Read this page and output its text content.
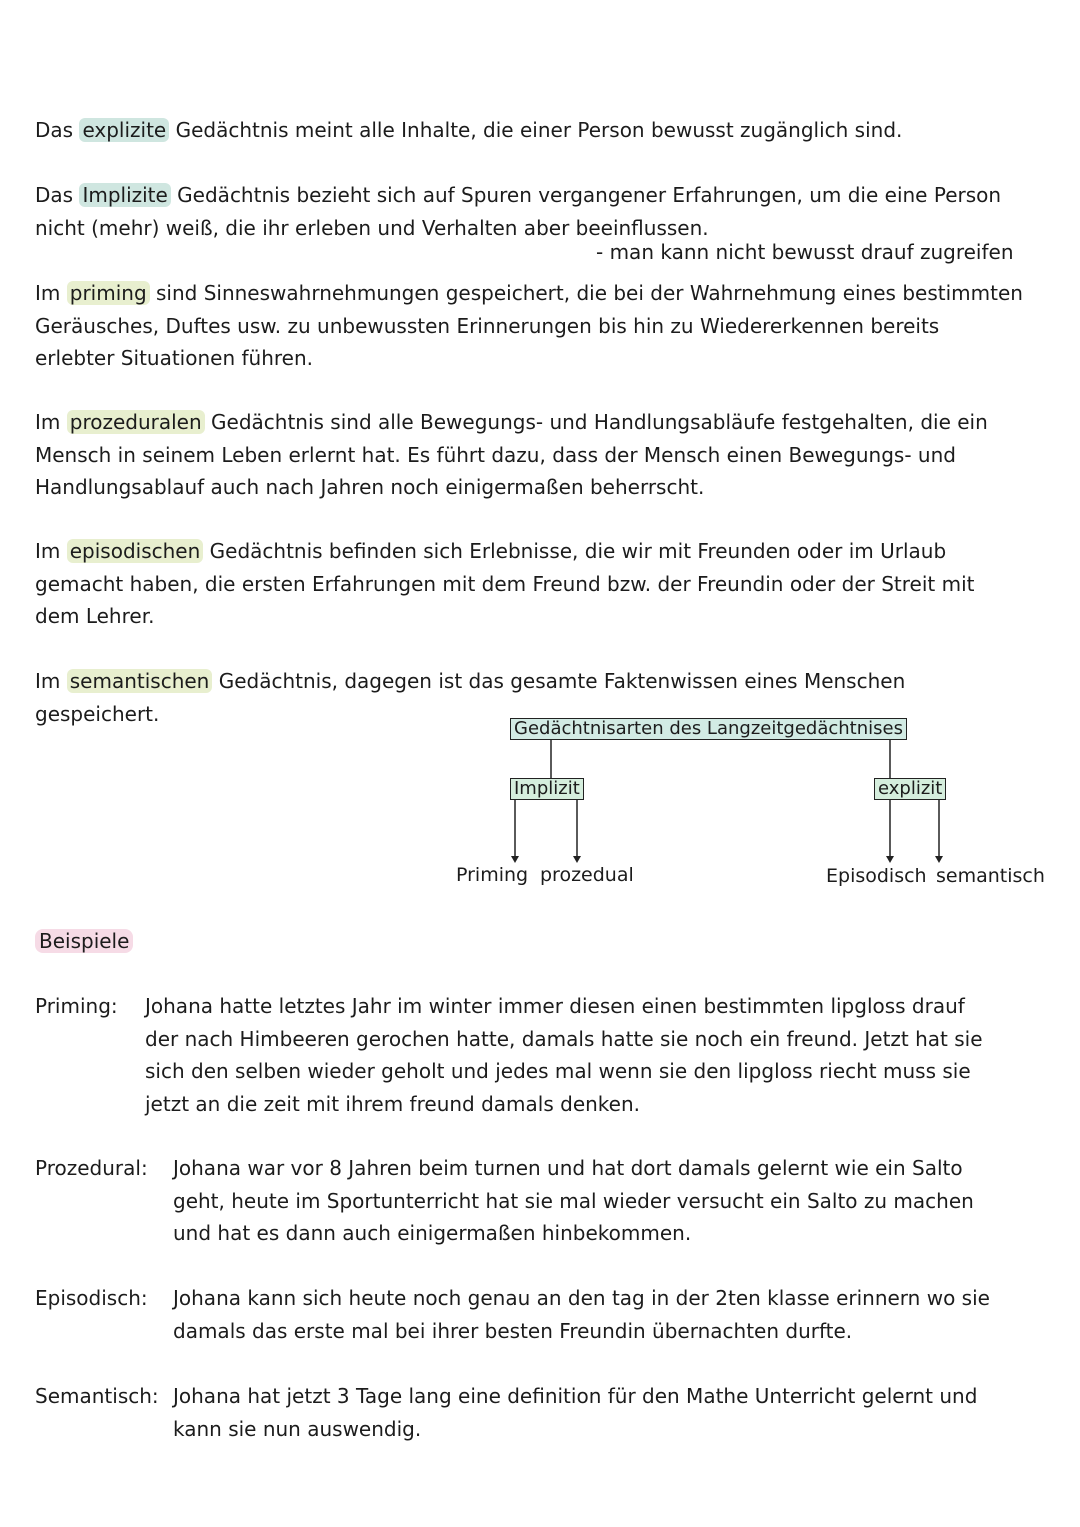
Das explizite Gedächtnis meint alle Inhalte, die einer Person bewusst zugänglich sind.

Das Implizite Gedächtnis bezieht sich auf Spuren vergangener Erfahrungen, um die eine Person
nicht (mehr) weiß, die ihr erleben und Verhalten aber beeinflussen.
- man kann nicht bewusst drauf zugreifen
Im priming sind Sinneswahrnehmungen gespeichert, die bei der Wahrnehmung eines bestimmten
Geräusches, Duftes usw. zu unbewussten Erinnerungen bis hin zu Wiedererkennen bereits
erlebter Situationen führen.
Im prozeduralen Gedächtnis sind alle Bewegungs- und Handlungsabläufe festgehalten, die ein
Mensch in seinem Leben erlernt hat. Es führt dazu, dass der Mensch einen Bewegungs- und
Handlungsablauf auch nach Jahren noch einigermaßen beherrscht.
Im episodischen Gedächtnis befinden sich Erlebnisse, die wir mit Freunden oder im Urlaub
gemacht haben, die ersten Erfahrungen mit dem Freund bzw. der Freundin oder der Streit mit
dem Lehrer.
Im semantischen Gedächtnis, dagegen ist das gesamte Faktenwissen eines Menschen
gespeichert.
Gedächtnisarten des Langzeitgedächtnises
Implizit	explizit
Priming prozedual	Episodisch semantisch
Beispiele
Priming: Johana hatte letztes Jahr im winter immer diesen einen bestimmten lipgloss drauf
der nach Himbeeren gerochen hatte, damals hatte sie noch ein freund. Jetzt hat sie
sich den selben wieder geholt und jedes mal wenn sie den lipgloss riecht muss sie
jetzt an die zeit mit ihrem freund damals denken.
Prozedural: Johana war vor 8 Jahren beim turnen und hat dort damals gelernt wie ein Salto
geht, heute im Sportunterricht hat sie mal wieder versucht ein Salto zu machen
und hat es dann auch einigermaßen hinbekommen.
Episodisch: Johana kann sich heute noch genau an den tag in der 2ten klasse erinnern wo sie
damals das erste mal bei ihrer besten Freundin übernachten durfte.
Semantisch: Johana hat jetzt 3 Tage lang eine definition für den Mathe Unterricht gelernt und
kann sie nun auswendig.
